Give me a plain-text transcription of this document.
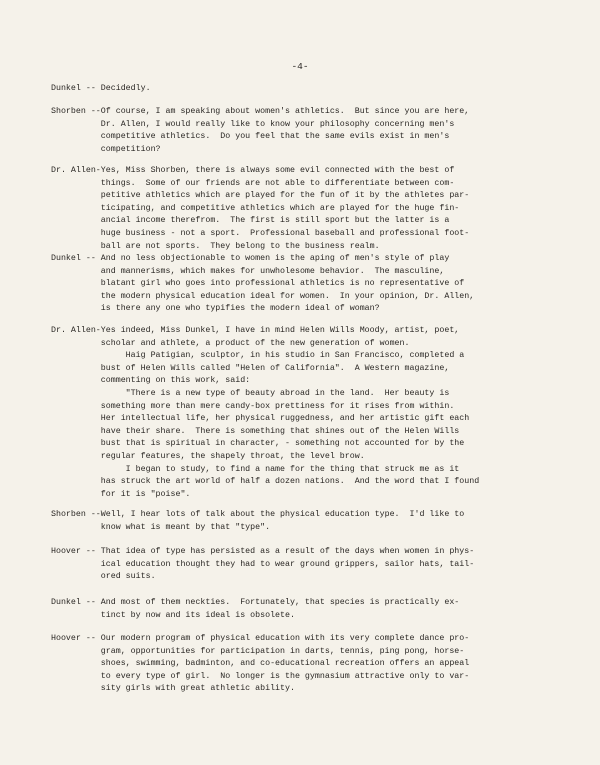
-4-
Dunkel -- Decidedly.
Shorben --Of course, I am speaking about women's athletics.  But since you are here,
Dr. Allen, I would really like to know your philosophy concerning men's
competitive athletics.  Do you feel that the same evils exist in men's
competition?
Dr. Allen-Yes, Miss Shorben, there is always some evil connected with the best of
things.  Some of our friends are not able to differentiate between com-
petitive athletics which are played for the fun of it by the athletes par-
ticipating, and competitive athletics which are played for the huge fin-
ancial income therefrom.  The first is still sport but the latter is a
huge business - not a sport.  Professional baseball and professional foot-
ball are not sports.  They belong to the business realm.
Dunkel -- And no less objectionable to women is the aping of men's style of play
and mannerisms, which makes for unwholesome behavior.  The masculine,
blatant girl who goes into professional athletics is no representative of
the modern physical education ideal for women.  In your opinion, Dr. Allen,
is there any one who typifies the modern ideal of woman?
Dr. Allen-Yes indeed, Miss Dunkel, I have in mind Helen Wills Moody, artist, poet,
scholar and athlete, a product of the new generation of women.
Haig Patigian, sculptor, in his studio in San Francisco, completed a
bust of Helen Wills called "Helen of California".  A Western magazine,
commenting on this work, said:
"There is a new type of beauty abroad in the land.  Her beauty is
something more than mere candy-box prettiness for it rises from within.
Her intellectual life, her physical ruggedness, and her artistic gift each
have their share.  There is something that shines out of the Helen Wills
bust that is spiritual in character, - something not accounted for by the
regular features, the shapely throat, the level brow.
I began to study, to find a name for the thing that struck me as it
has struck the art world of half a dozen nations.  And the word that I found
for it is "poise".
Shorben --Well, I hear lots of talk about the physical education type.  I'd like to
know what is meant by that "type".
Hoover -- That idea of type has persisted as a result of the days when women in phys-
ical education thought they had to wear ground grippers, sailor hats, tail-
ored suits.
Dunkel -- And most of them neckties.  Fortunately, that species is practically ex-
tinct by now and its ideal is obsolete.
Hoover -- Our modern program of physical education with its very complete dance pro-
gram, opportunities for participation in darts, tennis, ping pong, horse-
shoes, swimming, badminton, and co-educational recreation offers an appeal
to every type of girl.  No longer is the gymnasium attractive only to var-
sity girls with great athletic ability.
